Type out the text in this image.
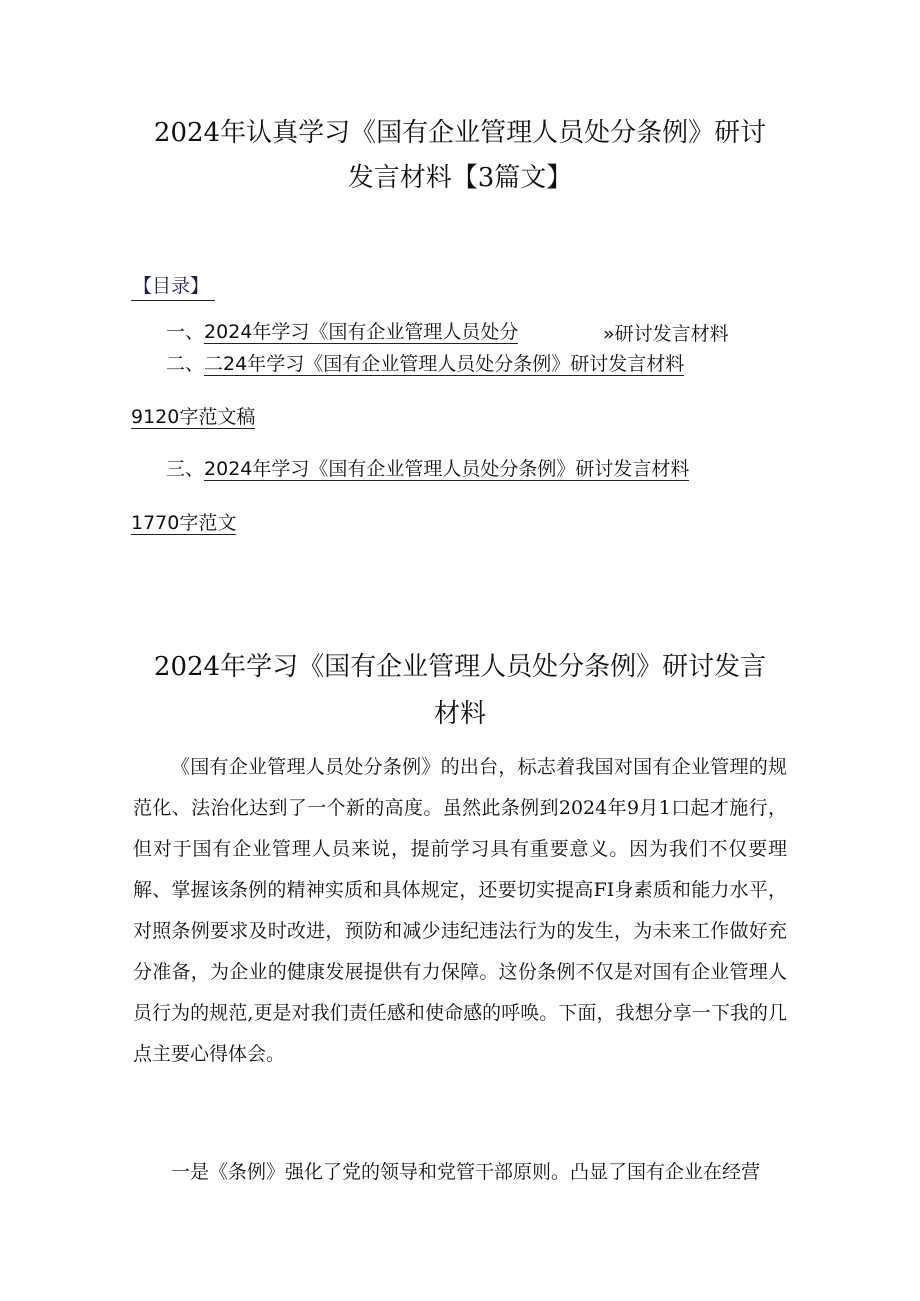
2024年认真学习《国有企业管理人员处分条例》研讨
发言材料【3篇文】
【目录】
一、2024年学习《国有企业管理人员处分	»研讨发言材料
二、二24年学习《国有企业管理人员处分条例》研讨发言材料
9120字范文稿
三、2024年学习《国有企业管理人员处分条例》研讨发言材料
1770字范文
2024年学习《国有企业管理人员处分条例》研讨发言
材料

《国有企业管理人员处分条例》的出台，标志着我国对国有企业管理的规范化、法治化达到了一个新的高度。虽然此条例到2024年9月1口起才施行，但对于国有企业管理人员来说，提前学习具有重要意义。因为我们不仅要理解、掌握该条例的精神实质和具体规定，还要切实提高FI身素质和能力水平，对照条例要求及时改进，预防和减少违纪违法行为的发生，为未来工作做好充分准备，为企业的健康发展提供有力保障。这份条例不仅是对国有企业管理人员行为的规范,更是对我们责任感和使命感的呼唤。下面，我想分享一下我的几点主要心得体会。

一是《条例》强化了党的领导和党管干部原则。凸显了国有企业在经营
